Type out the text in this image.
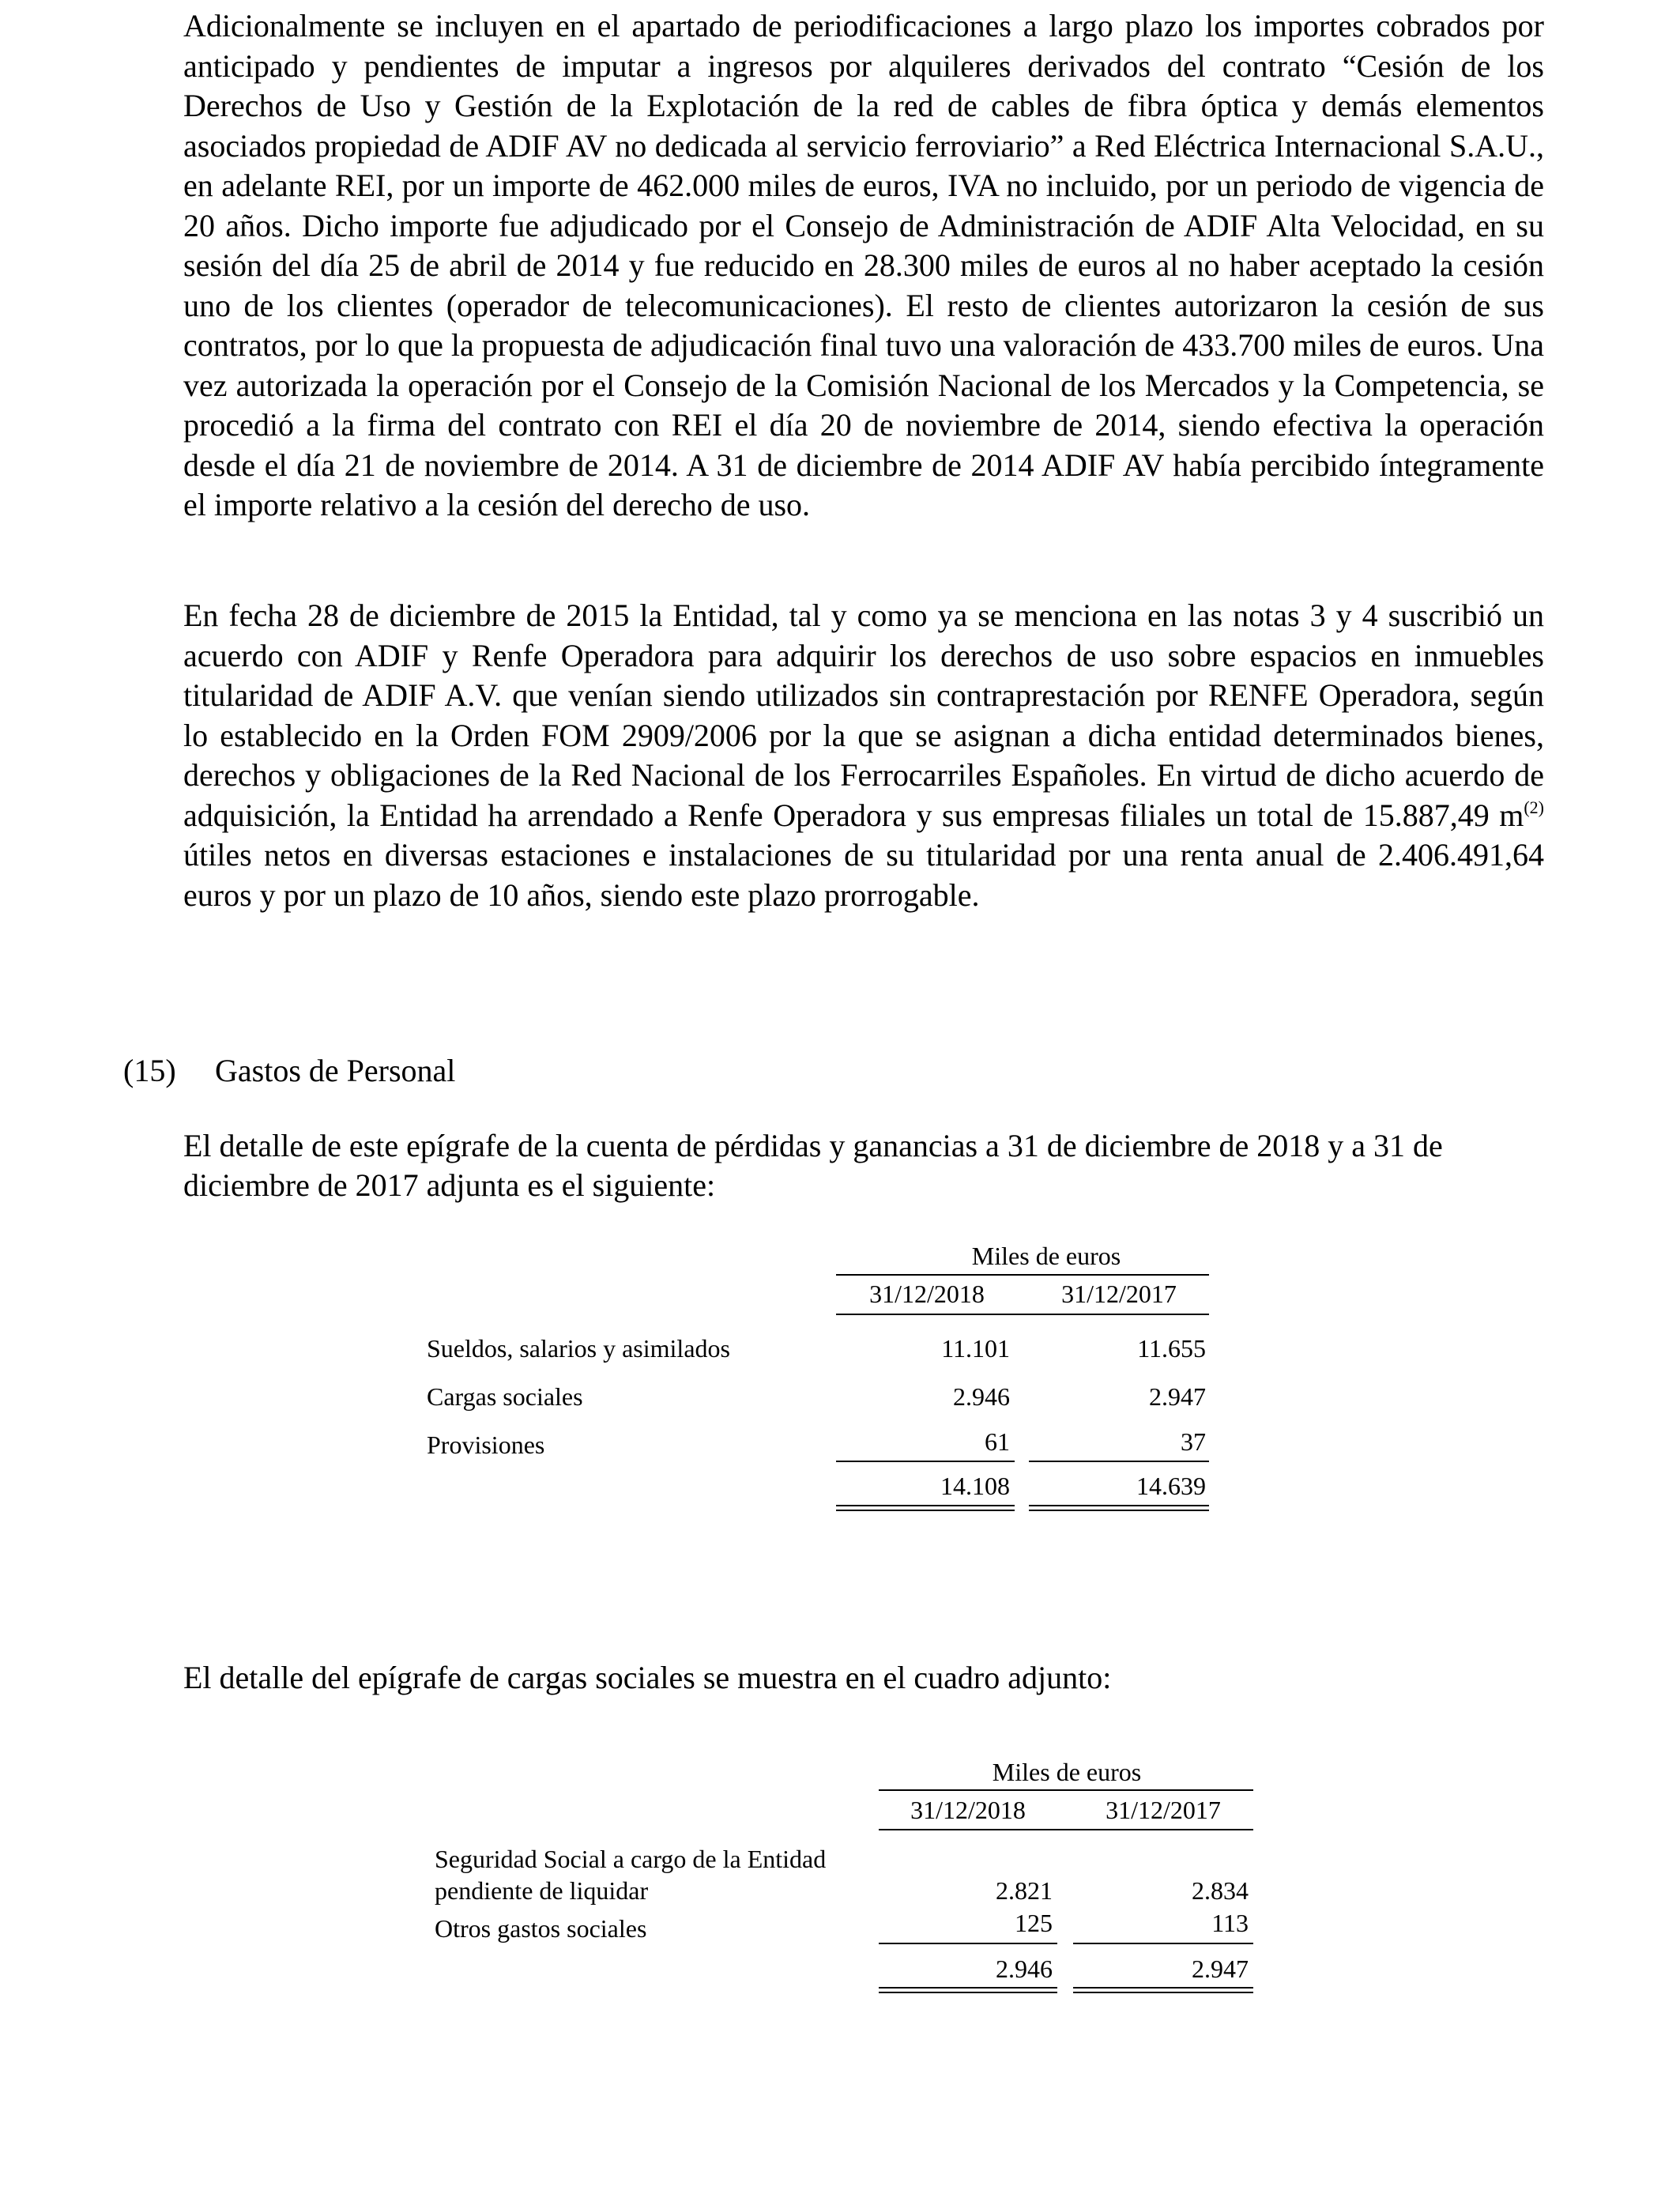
Adicionalmente se incluyen en el apartado de periodificaciones a largo plazo los importes cobrados por anticipado y pendientes de imputar a ingresos por alquileres derivados del contrato “Cesión de los Derechos de Uso y Gestión de la Explotación de la red de cables de fibra óptica y demás elementos asociados propiedad de ADIF AV no dedicada al servicio ferroviario” a Red Eléctrica Internacional S.A.U., en adelante REI, por un importe de 462.000 miles de euros, IVA no incluido, por un periodo de vigencia de 20 años. Dicho importe fue adjudicado por el Consejo de Administración de ADIF Alta Velocidad, en su sesión del día 25 de abril de 2014 y fue reducido en 28.300 miles de euros al no haber aceptado la cesión uno de los clientes (operador de telecomunicaciones). El resto de clientes autorizaron la cesión de sus contratos, por lo que la propuesta de adjudicación final tuvo una valoración de 433.700 miles de euros. Una vez autorizada la operación por el Consejo de la Comisión Nacional de los Mercados y la Competencia, se procedió a la firma del contrato con REI el día 20 de noviembre de 2014, siendo efectiva la operación desde el día 21 de noviembre de 2014. A 31 de diciembre de 2014 ADIF AV había percibido íntegramente el importe relativo a la cesión del derecho de uso.

En fecha 28 de diciembre de 2015 la Entidad, tal y como ya se menciona en las notas 3 y 4 suscribió un acuerdo con ADIF y Renfe Operadora para adquirir los derechos de uso sobre espacios en inmuebles titularidad de ADIF A.V. que venían siendo utilizados sin contraprestación por RENFE Operadora, según lo establecido en la Orden FOM 2909/2006 por la que se asignan a dicha entidad determinados bienes, derechos y obligaciones de la Red Nacional de los Ferrocarriles Españoles. En virtud de dicho acuerdo de adquisición, la Entidad ha arrendado a Renfe Operadora y sus empresas filiales un total de 15.887,49 $m^{(2)}$ útiles netos en diversas estaciones e instalaciones de su titularidad por una renta anual de 2.406.491,64 euros y por un plazo de 10 años, siendo este plazo prorrogable.

(15) Gastos de Personal

El detalle de este epígrafe de la cuenta de pérdidas y ganancias a 31 de diciembre de 2018 y a 31 de diciembre de 2017 adjunta es el siguiente:

Miles de euros
31/12/2018	31/12/2017
Sueldos, salarios y asimilados	11.101	11.655
Cargas sociales	2.946	2.947
Provisiones	61	37
14.108	14.639

El detalle del epígrafe de cargas sociales se muestra en el cuadro adjunto:

Miles de euros
31/12/2018	31/12/2017
Seguridad Social a cargo de la Entidad
pendiente de liquidar	2.821	2.834
Otros gastos sociales	125	113
2.946	2.947
